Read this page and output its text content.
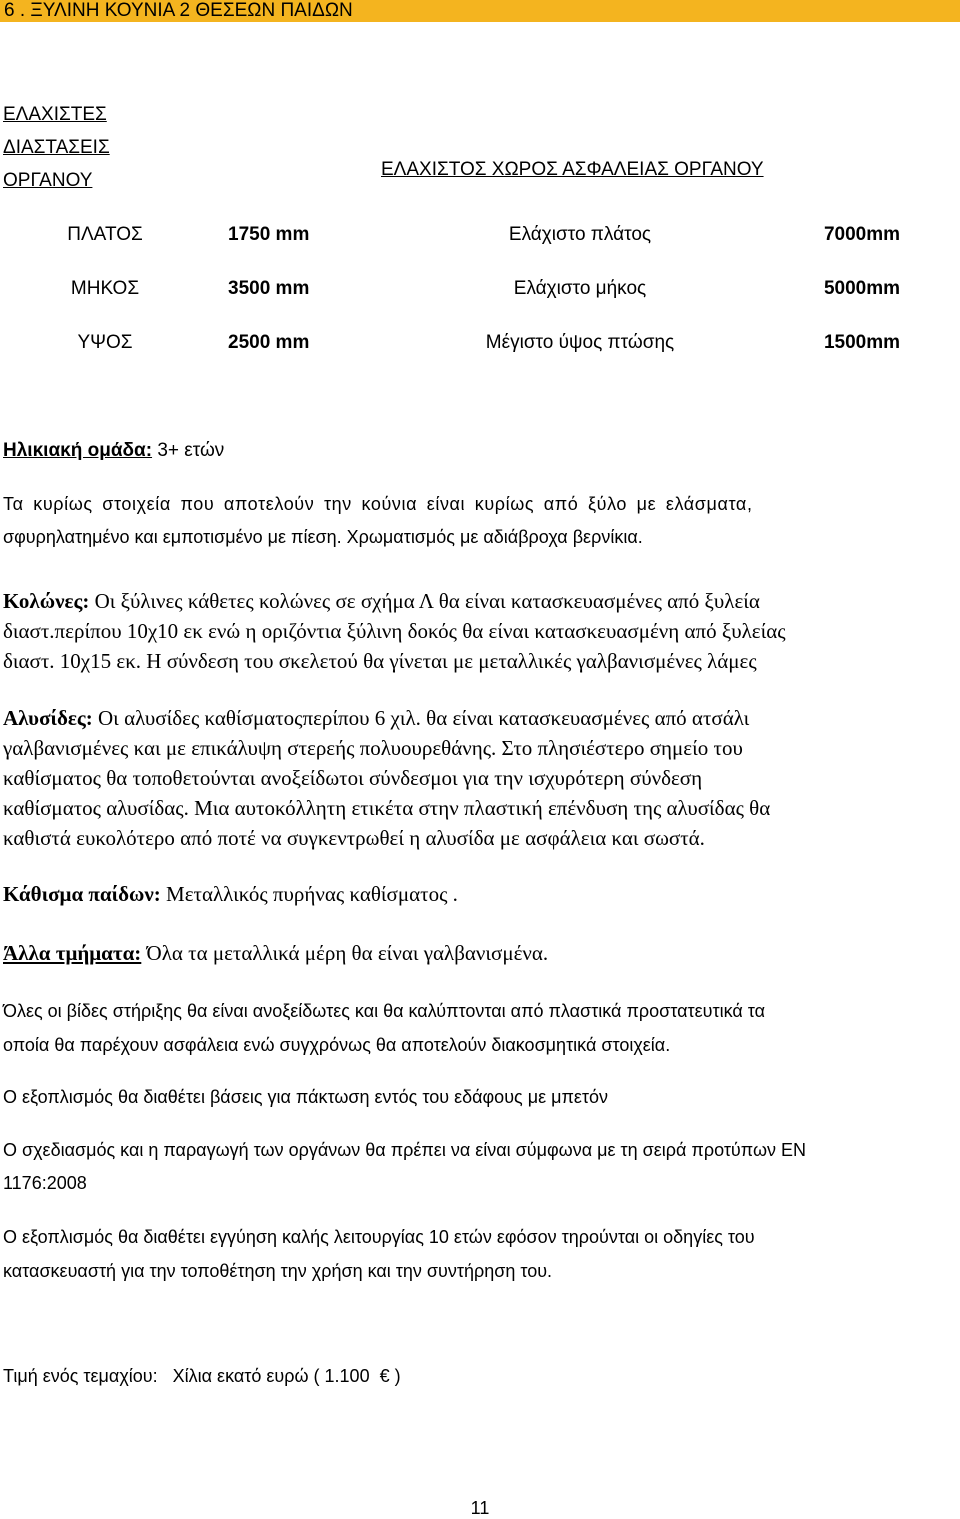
6 . ΞΥΛΙΝΗ ΚΟΥΝΙΑ 2 ΘΕΣΕΩΝ ΠΑΙΔΩΝ
ΕΛΑΧΙΣΤΕΣ
ΔΙΑΣΤΑΣΕΙΣ
ΟΡΓΑΝΟΥ
ΕΛΑΧΙΣΤΟΣ ΧΩΡΟΣ ΑΣΦΑΛΕΙΑΣ ΟΡΓΑΝΟΥ
ΠΛΑΤΟΣ	1750 mm	Ελάχιστο πλάτος	7000mm
ΜΗΚΟΣ	3500 mm	Ελάχιστο μήκος	5000mm
ΥΨΟΣ	2500 mm	Μέγιστο ύψος πτώσης	1500mm
Ηλικιακή ομάδα: 3+ ετών
Τα κυρίως στοιχεία που αποτελούν την κούνια είναι κυρίως από ξύλο με ελάσματα,
σφυρηλατημένο και εμποτισμένο με πίεση. Χρωματισμός με αδιάβροχα βερνίκια.
Κολώνες: Οι ξύλινες κάθετες κολώνες σε σχήμα Λ θα είναι κατασκευασμένες από ξυλεία
διαστ.περίπου 10χ10 εκ ενώ η οριζόντια ξύλινη δοκός θα είναι κατασκευασμένη από ξυλείας
διαστ. 10χ15 εκ. Η σύνδεση του σκελετού θα γίνεται με μεταλλικές γαλβανισμένες λάμες
Αλυσίδες: Οι αλυσίδες καθίσματοςπερίπου 6 χιλ. θα είναι κατασκευασμένες από ατσάλι
γαλβανισμένες και με επικάλυψη στερεής πολυουρεθάνης. Στο πλησιέστερο σημείο του
καθίσματος θα τοποθετούνται ανοξείδωτοι σύνδεσμοι για την ισχυρότερη σύνδεση
καθίσματος αλυσίδας. Μια αυτοκόλλητη ετικέτα στην πλαστική επένδυση της αλυσίδας θα
καθιστά ευκολότερο από ποτέ να συγκεντρωθεί η αλυσίδα με ασφάλεια και σωστά.
Κάθισμα παίδων: Μεταλλικός πυρήνας καθίσματος .
Άλλα τμήματα: Όλα τα μεταλλικά μέρη θα είναι γαλβανισμένα.
Όλες οι βίδες στήριξης θα είναι ανοξείδωτες και θα καλύπτονται από πλαστικά προστατευτικά τα
οποία θα παρέχουν ασφάλεια ενώ συγχρόνως θα αποτελούν διακοσμητικά στοιχεία.
Ο εξοπλισμός θα διαθέτει βάσεις για πάκτωση εντός του εδάφους με μπετόν
Ο σχεδιασμός και η παραγωγή των οργάνων θα πρέπει να είναι σύμφωνα με τη σειρά προτύπων ΕΝ
1176:2008
Ο εξοπλισμός θα διαθέτει εγγύηση καλής λειτουργίας 10 ετών εφόσον τηρούνται οι οδηγίες του
κατασκευαστή για την τοποθέτηση την χρήση και την συντήρηση του.
Τιμή ενός τεμαχίου:   Χίλια εκατό ευρώ ( 1.100  € )
11
